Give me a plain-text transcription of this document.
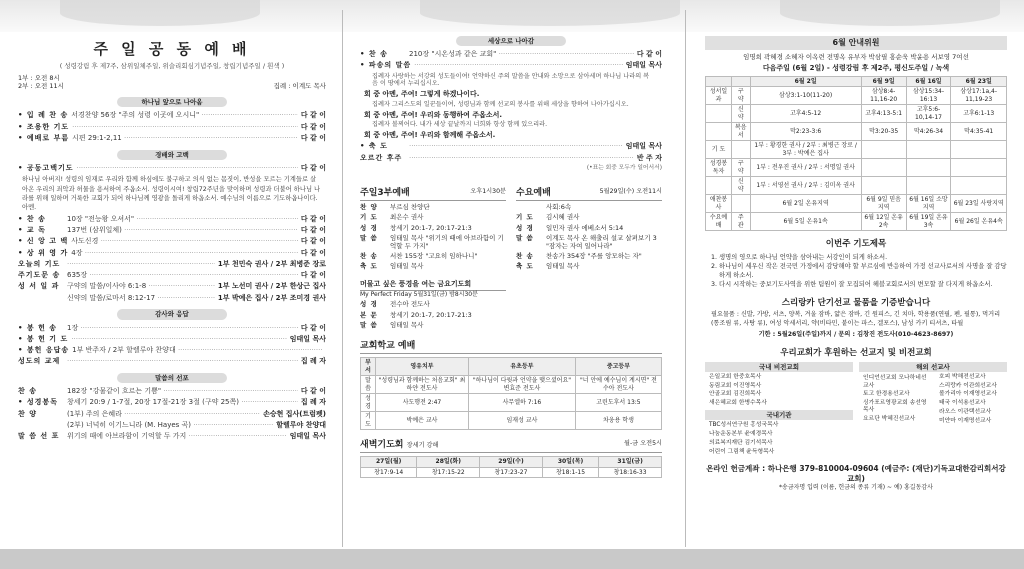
주 일 공 동 예 배
( 성령강림 후 제7주, 삼위일체주일, 위슬리회심기념주일, 창립기념주일 / 흰색 )
1부 : 오전 8시
2부 : 오전 11시	집례 : 이계도 목사
하나님 앞으로 나아옴
• 입 례 찬 송 서경찬양 56장 "주의 성령 이곳에 오시니" ·····	다 같 이
• 조용한 기도 ·····	다 같 이
• 예배로 부름 시편 29:1-2,11 ·····	다 같 이
경배와 고백
• 공동고백기도 ·····	다 같 이
하나님 아버지! 성령의 임재로 우리와 함께 하심에도 불구하고 의식 없는 몸짓이, 반성을 모르는 기계들로 살아온 우리의 죄악과 허물을 용서하여 주옵소서. 성령이시여! 창립72주년을 맞이하며 성령과 더불어 하나님 나라를 위해 일하며 거룩한 교회가 되어 하나님께 영광을 돌리게 하옵소서. 예수님의 이름으로 기도하옵나이다. 아멘.
• 찬 송	10장 "전능왕 오셔서" ·····	다 같 이
• 교 독	137번 (삼위일체) ·····	다 같 이
• 신 앙 고 백 사도신경 ·····	다 같 이
• 상 위 영 가 4장 ·····	다 같 이
오늘의 기도 ·····	1부 천민숙 권사 / 2부 최병준 장로
주기도문 송 635장 ·····	다 같 이
성 서 일 과	구약의 말씀/이사야 6:1-8 ·····	1부 노선미 권사 / 2부 한상근 집사
신약의 말씀/로마서 8:12-17 ·····	1부 박예은 집사 / 2부 조미경 권사
감사와 응답
• 봉 헌 송	1장 ·····	다 같 이
• 봉 헌 기 도 ·····	임태일 목사
• 봉헌 응답송 1부 반주자 / 2부 할렐루야 찬양대 ·····
성도의 교제 ·····	집 례 자
말씀의 선포
찬 송	182장 "강물같이 흐르는 기쁨" ·····	다 같 이
• 성경봉독	창세기 20:9 / 1-7절, 20장 17절-21장 3절 (구약 25쪽) ·····	집 례 자
찬 양	(1부) 주의 은혜라 ·····	손승현 집사(트럼펫)
(2부) 너넉히 이기느니라 (M. Hayes 곡) ·····	할렐루야 찬양대
말 씀 선 포	위기의 때에 아브라함이 기억할 두 가지 ·····	임태일 목사
세상으로 나아감
• 찬 송	210장 "시온성과 같은 교회" ·····	다 같 이
• 파송의 말씀 ·····	임태일 목사

집례자 사랑하는 서강의 성도들이여! 언약하신 주의 말씀을 안내와 소망으로 삼아세며 하나님 나라의 복음 이 땅에서 누리십시오.

회 중 아멘, 주여! 그렇게 하겠나이다.

집례자 그리스도의 일꾼들이여, 성령님과 함께 선교의 봉사를 위해 세상을 향하여 나아가십시오.

회 중 아멘, 주여! 우리와 동행하여 주옵소서.

집례자 볼찌어다. 내가 세상 끝날까지 너희와 항상 함께 있으리라.

회 중 아멘, 주여! 우리와 함께해 주옵소서.

• 축 도 ·····	임태일 목사
오르간 후주 ·····	반 주 자
(•표는 회중 모두가 일어서서)
주일3부예배	오후1시30분
찬 양	부르심 찬양단
기 도	최은수 권사
성 경	창세기 20:1-7, 20:17-21:3
말 씀	임태일 목사 "위기의 때에 아브라함이 기억할 두 가지"
찬 송	서찬 155장 "고요히 임하나니"
축 도	임태일 목사
머물고 싶은 풍경을 여는 금요기도회
My Perfect Friday 5월31일(금) 밤8시30분
성 경	전수아 전도사
본 문	창세기 20:1-7, 20:17-21:3
말 씀	임태일 목사
수요예배	5월29일(수) 오전11시
사회:6속
기 도	김시혜 권사
성 경	일민자 권사 에베소서 5:14
말 씀	이계도 목사 온 해출리 설교 살펴보기 3 "잠자는 자여 일어나라"
찬 송	찬송가 354장 "주를 앙모하는 자"
축 도	임태일 목사
교회학교 예배
부서	영유치부	유초등부	중고등부
말씀	"성령님과 함께하는 처음교회" 최하얀 전도사	"하나님이 다윗과 언약을 맺으셨어요" 변효준 전도사	"너 안에 예수님이 계시면" 전수아 전도사
성경	사도행전 2:47	사무엘하 7:16	고린도후서 13:5
기도	박예은 교사	임재성 교사	차웅용 학생
새벽기도회 장세기 강해	월-금 오전5시
27일(월)	28일(화)	29일(수)	30일(목)	31일(금)
창17:9-14	창17:15-22	창17:23-27	창18:1-15	창18:16-33
6월 안내위원
임명희 곽혜경 소혜자 이옥련 전명옥 유부자 박삼필 홍순욱 박윤용 서보영 7여선
다음주일 (6월 2일) - 성령강림 후 제2주, 평신도주일 / 녹색
		6월 2일	6월 9일	6월 16일	6월 23일
성서일과	구 약	삼상3:1-10(11-20)	삼상8:4-11,16-20	삼상15:34-16:13	삼상17:1a,4-11,19-23
	신 약	고후4:5-12	고후4:13-5:1	고후5:6-10,14-17	고후6:1-13
	복음서	막2:23-3:6	막3:20-35	막4:26-34	막4:35-41
기 도		1부 : 황경한 권사 / 2부 : 최병근 장로 / 3부 : 박예은 집사			
성경봉독자	구 약	1부 : 전우진 권사 / 2부 : 서명일 권사			
	신 약	1부 : 서영선 권사 / 2부 : 김미옥 권사			
애찬봉사		6월 2일 온유지역	6월 9일 믿음지역	6월 16일 소망지역	6월 23일 사랑지역
수요예배	주 관	6월 5일 온유1속	6월 12일 온유2속	6월 19일 온유3속	6월 26일 온유4속
이번주 기도제목
1. 생명의 영으로 하나님 언약을 삼아내는 서강인이 되게 하소서.
2. 하나님이 세우신 작은 전국민 가정에서 감당해야 할 부르심에 반응하여 가정 선교사로서의 사명을 잘 감당하게 하소서.
3. 다시 시작하는 중보기도사역을 위한 팀원이 잘 모집되어 헤블교회로서의 변모할 잘 다지게 하옵소서.
스리랑카 단기선교 물품을 기증받습니다
필요물품 : 신발, 가방, 서츠, 양복, 겨울 잠바, 얇은 잠바, 긴 원피스, 긴 치마, 학용품(연필, 펜, 필통), 먹거리(통조림 류, 사탕 류), 여성 악세서리, 약(비타민, 붙이는 파스, 겔포스), 남성 카키 티셔츠, 타월
기한 : 5월26일(주일)까지 / 문의 : 김창진 전도사(010-4623-8697)
우리교회가 후원하는 선교지 및 비전교회
국내 비전교회
은일교회 한중호목사
동림교회 이진영목사
안골교회 김진희목사
새은혜교회 한병수목사
국내기관
TBC성서연구원 홍성국목사
나눔운동본부 윤예경목사
의료복지재단 김기석목사
어린이 그림책 윤득형목사
해외 선교사
인디언선교회 모나하네선교사
토고 한경용선교사
싱가포르영광교회 송선영목사
요르단 박혜진선교사
호피 박해전선교사
스리랑카 이관희선교사
볼가리아 이재영선교사
태국 이석용선교사
라오스 이관택선교사
미얀마 이재명선교사
온라인 헌금계좌 : 하나은행 379-810004-09604 (예금주: (재단)기독교대한감리회서강교회)
*송금자명 입력 (이름, 헌금의 종류 기재) ~ 예) 홍길동감사
